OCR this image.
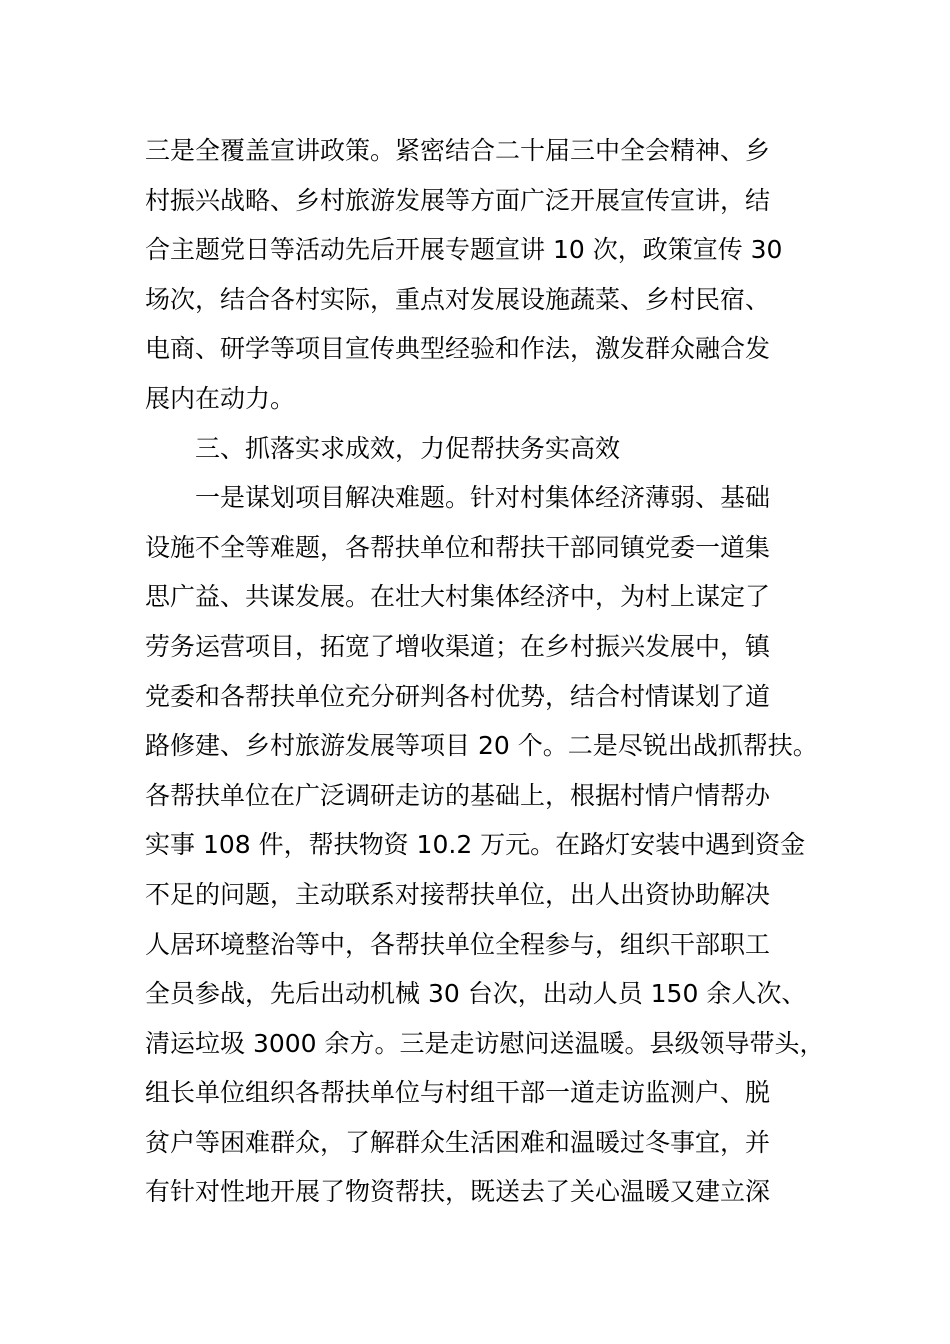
三是全覆盖宣讲政策。紧密结合二十届三中全会精神、乡
村振兴战略、乡村旅游发展等方面广泛开展宣传宣讲，结
合主题党日等活动先后开展专题宣讲 10 次，政策宣传 30
场次，结合各村实际，重点对发展设施蔬菜、乡村民宿、
电商、研学等项目宣传典型经验和作法，激发群众融合发
展内在动力。

三、抓落实求成效，力促帮扶务实高效

一是谋划项目解决难题。针对村集体经济薄弱、基础
设施不全等难题，各帮扶单位和帮扶干部同镇党委一道集
思广益、共谋发展。在壮大村集体经济中，为村上谋定了
劳务运营项目，拓宽了增收渠道；在乡村振兴发展中，镇
党委和各帮扶单位充分研判各村优势，结合村情谋划了道
路修建、乡村旅游发展等项目 20 个。二是尽锐出战抓帮扶。
各帮扶单位在广泛调研走访的基础上，根据村情户情帮办
实事 108 件，帮扶物资 10.2 万元。在路灯安装中遇到资金
不足的问题，主动联系对接帮扶单位，出人出资协助解决
人居环境整治等中，各帮扶单位全程参与，组织干部职工
全员参战，先后出动机械 30 台次，出动人员 150 余人次、
清运垃圾 3000 余方。三是走访慰问送温暖。县级领导带头，
组长单位组织各帮扶单位与村组干部一道走访监测户、脱
贫户等困难群众，了解群众生活困难和温暖过冬事宜，并
有针对性地开展了物资帮扶，既送去了关心温暖又建立深
